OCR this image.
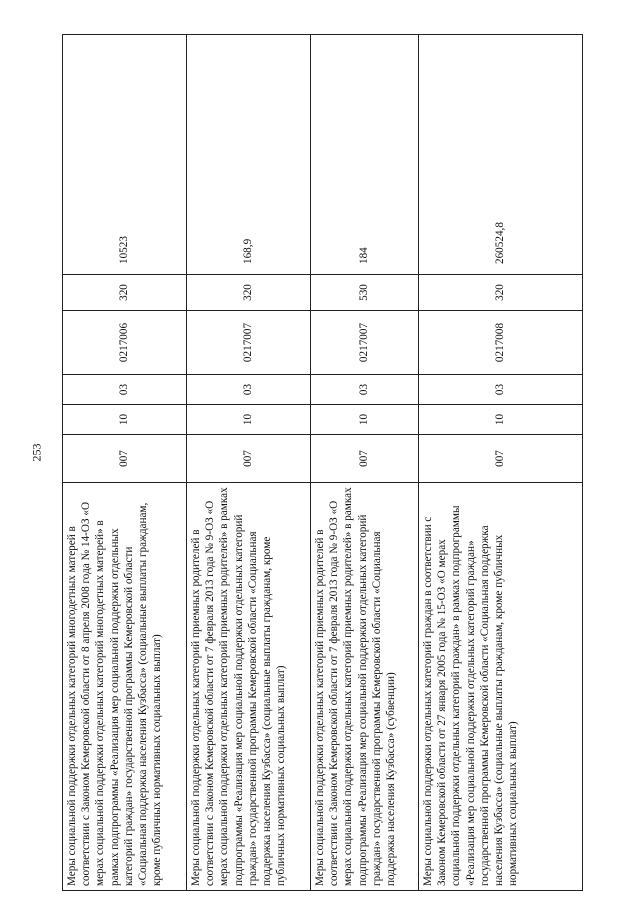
253
Меры социальной поддержки отдельных категорий многодетных матерей в соответствии с Законом Кемеровской области от 8 апреля 2008 года № 14-ОЗ «О мерах социальной поддержки отдельных категорий многодетных матерей» в рамках подпрограммы «Реализация мер социальной поддержки отдельных категорий граждан» государственной программы Кемеровской области «Социальная поддержка населения Кузбасса» (социальные выплаты гражданам, кроме публичных нормативных социальных выплат)	007	10	03	0217006	320	10523
Меры социальной поддержки отдельных категорий приемных родителей в соответствии с Законом Кемеровской области от 7 февраля 2013 года № 9-ОЗ «О мерах социальной поддержки отдельных категорий приемных родителей» в рамках подпрограммы «Реализация мер социальной поддержки отдельных категорий граждан» государственной программы Кемеровской области «Социальная поддержка населения Кузбасса» (социальные выплаты гражданам, кроме публичных нормативных социальных выплат)	007	10	03	0217007	320	168,9
Меры социальной поддержки отдельных категорий приемных родителей в соответствии с Законом Кемеровской области от 7 февраля 2013 года № 9-ОЗ «О мерах социальной поддержки отдельных категорий приемных родителей» в рамках подпрограммы «Реализация мер социальной поддержки отдельных категорий граждан» государственной программы Кемеровской области «Социальная поддержка населения Кузбасса» (субвенции)	007	10	03	0217007	530	184
Меры социальной поддержки отдельных категорий граждан в соответствии с Законом Кемеровской области от 27 января 2005 года № 15-ОЗ «О мерах социальной поддержки отдельных категорий граждан» в рамках подпрограммы «Реализация мер социальной поддержки отдельных категорий граждан» государственной программы Кемеровской области «Социальная поддержка населения Кузбасса» (социальные выплаты гражданам, кроме публичных нормативных социальных выплат)	007	10	03	0217008	320	260524,8
